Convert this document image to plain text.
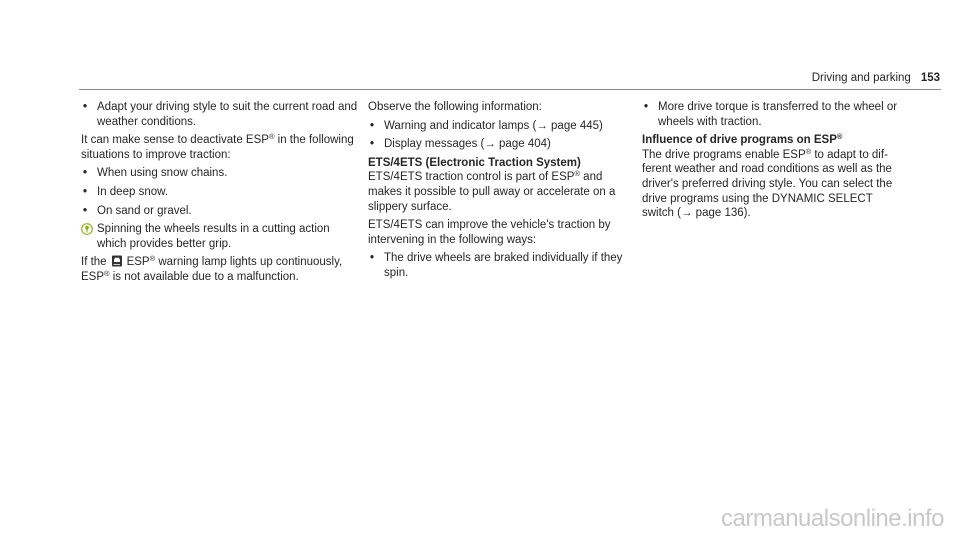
Driving and parking 153
• Adapt your driving style to suit the current road and weather conditions.

It can make sense to deactivate ESP® in the following situations to improve traction:

• When using snow chains.
• In deep snow.
• On sand or gravel.
Spinning the wheels results in a cutting action which provides better grip.

If the ESP® warning lamp lights up continuously, ESP® is not available due to a malfunction.

Observe the following information:

• Warning and indicator lamps (→ page 445)
• Display messages (→ page 404)
ETS/4ETS (Electronic Traction System)

ETS/4ETS traction control is part of ESP® and makes it possible to pull away or accelerate on a slippery surface.

ETS/4ETS can improve the vehicle's traction by intervening in the following ways:

• The drive wheels are braked individually if they spin.
• More drive torque is transferred to the wheel or wheels with traction.
Influence of drive programs on ESP®

The drive programs enable ESP® to adapt to different weather and road conditions as well as the driver's preferred driving style. You can select the drive programs using the DYNAMIC SELECT switch (→ page 136).

carmanualsonline.info
